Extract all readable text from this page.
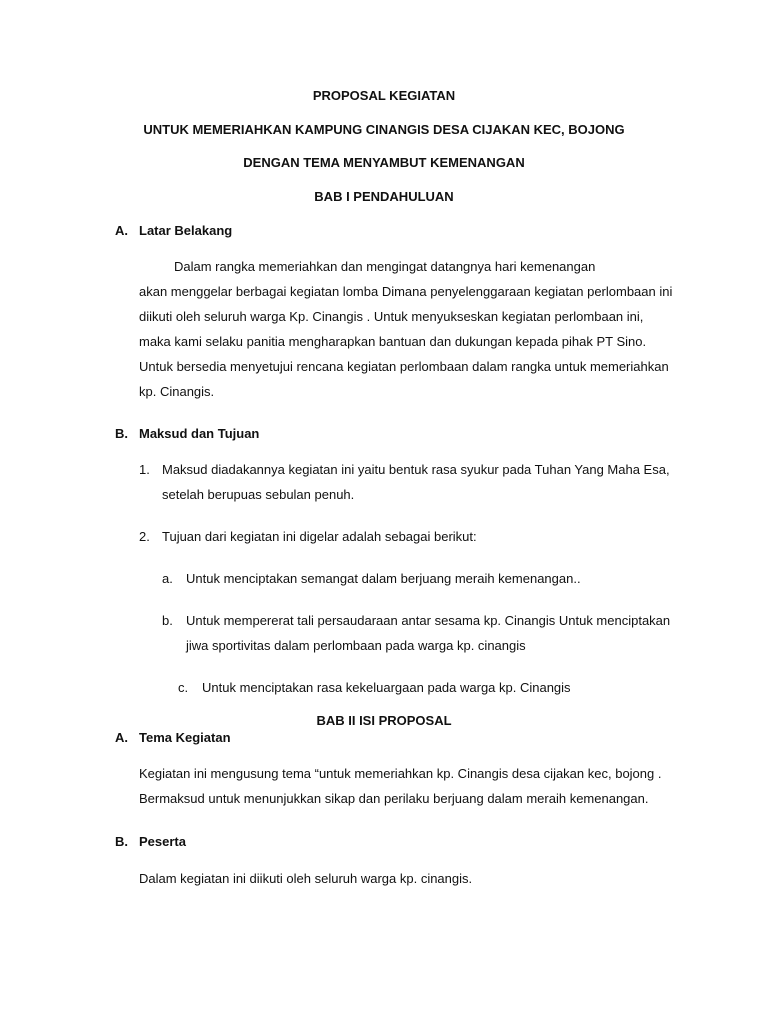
PROPOSAL KEGIATAN

UNTUK MEMERIAHKAN KAMPUNG CINANGIS DESA CIJAKAN KEC, BOJONG

DENGAN TEMA MENYAMBUT KEMENANGAN

BAB I PENDAHULUAN

A. Latar Belakang

Dalam rangka memeriahkan dan mengingat datangnya hari kemenangan

akan menggelar berbagai kegiatan lomba Dimana penyelenggaraan kegiatan perlombaan ini

diikuti oleh seluruh warga Kp. Cinangis . Untuk menyukseskan kegiatan perlombaan ini,

maka kami selaku panitia mengharapkan bantuan dan dukungan kepada pihak PT Sino.

Untuk bersedia menyetujui rencana kegiatan perlombaan dalam rangka untuk memeriahkan

kp. Cinangis.

B. Maksud dan Tujuan

1. Maksud diadakannya kegiatan ini yaitu bentuk rasa syukur pada Tuhan Yang Maha Esa,

setelah berupuas sebulan penuh.

2. Tujuan dari kegiatan ini digelar adalah sebagai berikut:

a. Untuk menciptakan semangat dalam berjuang meraih kemenangan..

b. Untuk mempererat tali persaudaraan antar sesama kp. Cinangis Untuk menciptakan

jiwa sportivitas dalam perlombaan pada warga kp. cinangis

c. Untuk menciptakan rasa kekeluargaan pada warga kp. Cinangis

BAB II ISI PROPOSAL

A. Tema Kegiatan

Kegiatan ini mengusung tema “untuk memeriahkan kp. Cinangis desa cijakan kec, bojong .

Bermaksud untuk menunjukkan sikap dan perilaku berjuang dalam meraih kemenangan.

B. Peserta

Dalam kegiatan ini diikuti oleh seluruh warga kp. cinangis.
